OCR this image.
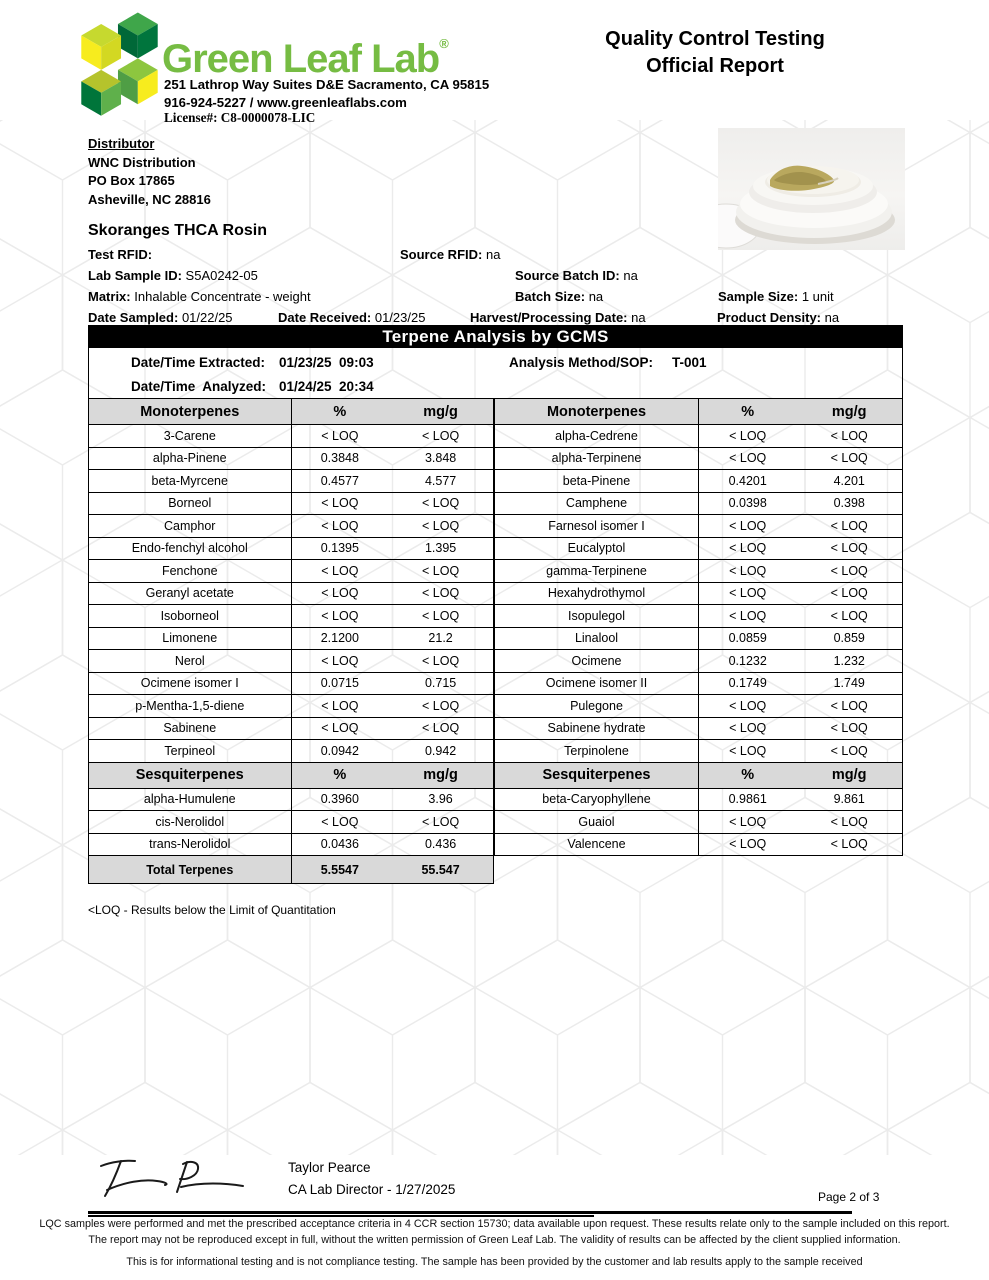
Green Leaf Lab®
251 Lathrop Way Suites D&E Sacramento, CA 95815
916-924-5227 / www.greenleaflabs.com
License#: C8-0000078-LIC
Quality Control Testing
Official Report
Distributor
WNC Distribution
PO Box 17865
Asheville, NC 28816
Skoranges THCA Rosin
Test RFID:	Source RFID: na
Lab Sample ID: S5A0242-05	Source Batch ID: na
Matrix: Inhalable Concentrate - weight	Batch Size: na	Sample Size: 1 unit
Date Sampled: 01/22/25	Date Received: 01/23/25	Harvest/Processing Date: na	Product Density: na
Terpene Analysis by GCMS
Date/Time Extracted: 01/23/25  09:03	Analysis Method/SOP: T-001
Date/Time  Analyzed: 01/24/25  20:34
Monoterpenes	%	mg/g
3-Carene	< LOQ	< LOQ
alpha-Pinene	0.3848	3.848
beta-Myrcene	0.4577	4.577
Borneol	< LOQ	< LOQ
Camphor	< LOQ	< LOQ
Endo-fenchyl alcohol	0.1395	1.395
Fenchone	< LOQ	< LOQ
Geranyl acetate	< LOQ	< LOQ
Isoborneol	< LOQ	< LOQ
Limonene	2.1200	21.2
Nerol	< LOQ	< LOQ
Ocimene isomer I	0.0715	0.715
p-Mentha-1,5-diene	< LOQ	< LOQ
Sabinene	< LOQ	< LOQ
Terpineol	0.0942	0.942
Sesquiterpenes	%	mg/g
alpha-Humulene	0.3960	3.96
cis-Nerolidol	< LOQ	< LOQ
trans-Nerolidol	0.0436	0.436
Total Terpenes	5.5547	55.547
Monoterpenes	%	mg/g
alpha-Cedrene	< LOQ	< LOQ
alpha-Terpinene	< LOQ	< LOQ
beta-Pinene	0.4201	4.201
Camphene	0.0398	0.398
Farnesol isomer I	< LOQ	< LOQ
Eucalyptol	< LOQ	< LOQ
gamma-Terpinene	< LOQ	< LOQ
Hexahydrothymol	< LOQ	< LOQ
Isopulegol	< LOQ	< LOQ
Linalool	0.0859	0.859
Ocimene	0.1232	1.232
Ocimene isomer II	0.1749	1.749
Pulegone	< LOQ	< LOQ
Sabinene hydrate	< LOQ	< LOQ
Terpinolene	< LOQ	< LOQ
Sesquiterpenes	%	mg/g
beta-Caryophyllene	0.9861	9.861
Guaiol	< LOQ	< LOQ
Valencene	< LOQ	< LOQ
<LOQ - Results below the Limit of Quantitation
Taylor Pearce
CA Lab Director - 1/27/2025	Page 2 of 3
LQC samples were performed and met the prescribed acceptance criteria in 4 CCR section 15730; data available upon request. These results relate only to the sample included on this report.
The report may not be reproduced except in full, without the written permission of Green Leaf Lab. The validity of results can be affected by the client supplied information.
This is for informational testing and is not compliance testing. The sample has been provided by the customer and lab results apply to the sample received
